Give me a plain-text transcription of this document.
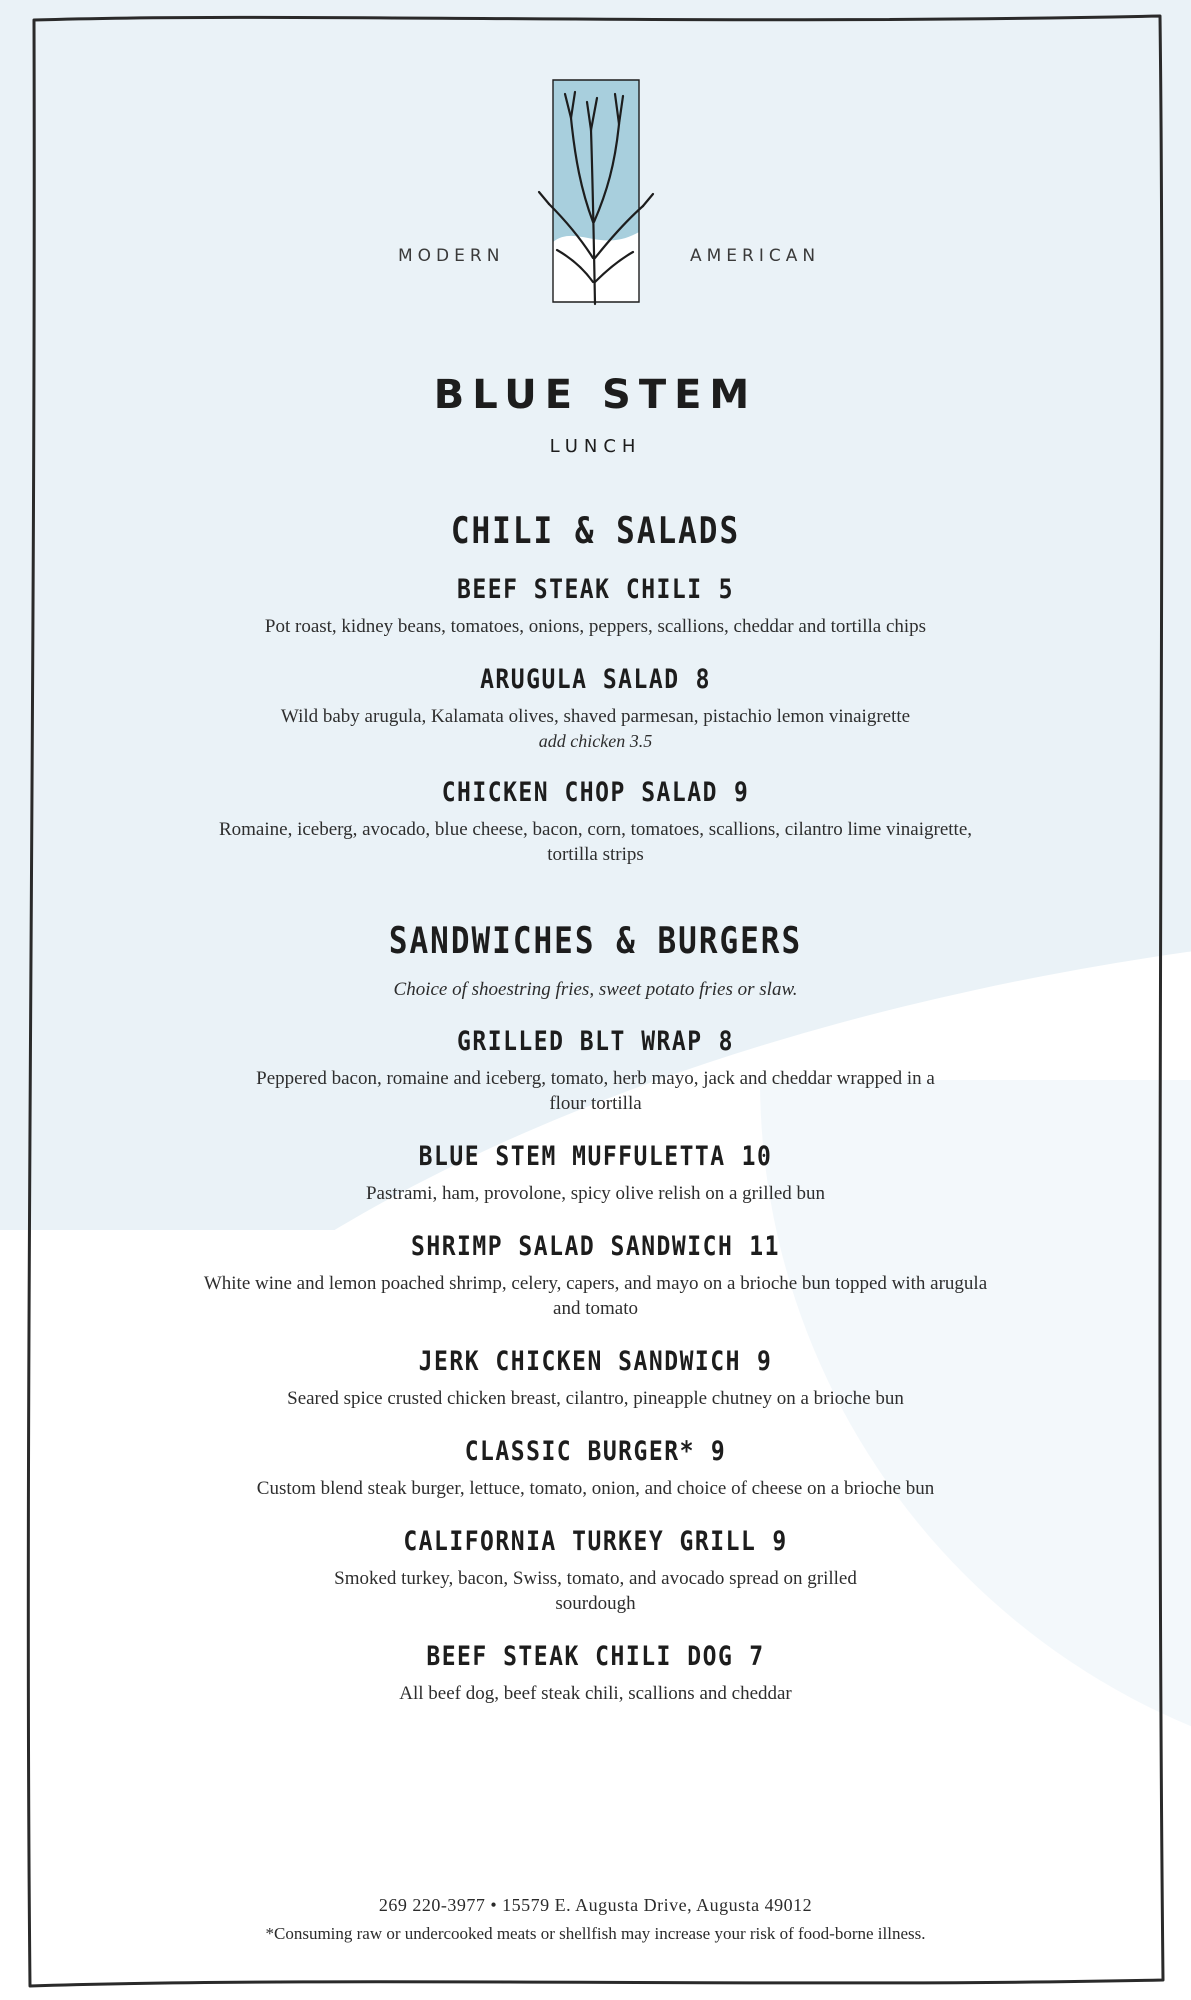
MODERN	AMERICAN
BLUE STEM
LUNCH
CHILI & SALADS
BEEF STEAK CHILI 5
Pot roast, kidney beans, tomatoes, onions, peppers, scallions, cheddar and tortilla chips
ARUGULA SALAD 8
Wild baby arugula, Kalamata olives, shaved parmesan, pistachio lemon vinaigrette
add chicken 3.5
CHICKEN CHOP SALAD 9
Romaine, iceberg, avocado, blue cheese, bacon, corn, tomatoes, scallions, cilantro lime vinaigrette, tortilla strips
SANDWICHES & BURGERS
Choice of shoestring fries, sweet potato fries or slaw.
GRILLED BLT WRAP 8
Peppered bacon, romaine and iceberg, tomato, herb mayo, jack and cheddar wrapped in a flour tortilla
BLUE STEM MUFFULETTA 10
Pastrami, ham, provolone, spicy olive relish on a grilled bun
SHRIMP SALAD SANDWICH 11
White wine and lemon poached shrimp, celery, capers, and mayo on a brioche bun topped with arugula and tomato
JERK CHICKEN SANDWICH 9
Seared spice crusted chicken breast, cilantro, pineapple chutney on a brioche bun
CLASSIC BURGER* 9
Custom blend steak burger, lettuce, tomato, onion, and choice of cheese on a brioche bun
CALIFORNIA TURKEY GRILL 9
Smoked turkey, bacon, Swiss, tomato, and avocado spread on grilled sourdough
BEEF STEAK CHILI DOG 7
All beef dog, beef steak chili, scallions and cheddar
269 220-3977 • 15579 E. Augusta Drive, Augusta 49012
*Consuming raw or undercooked meats or shellfish may increase your risk of food-borne illness.
